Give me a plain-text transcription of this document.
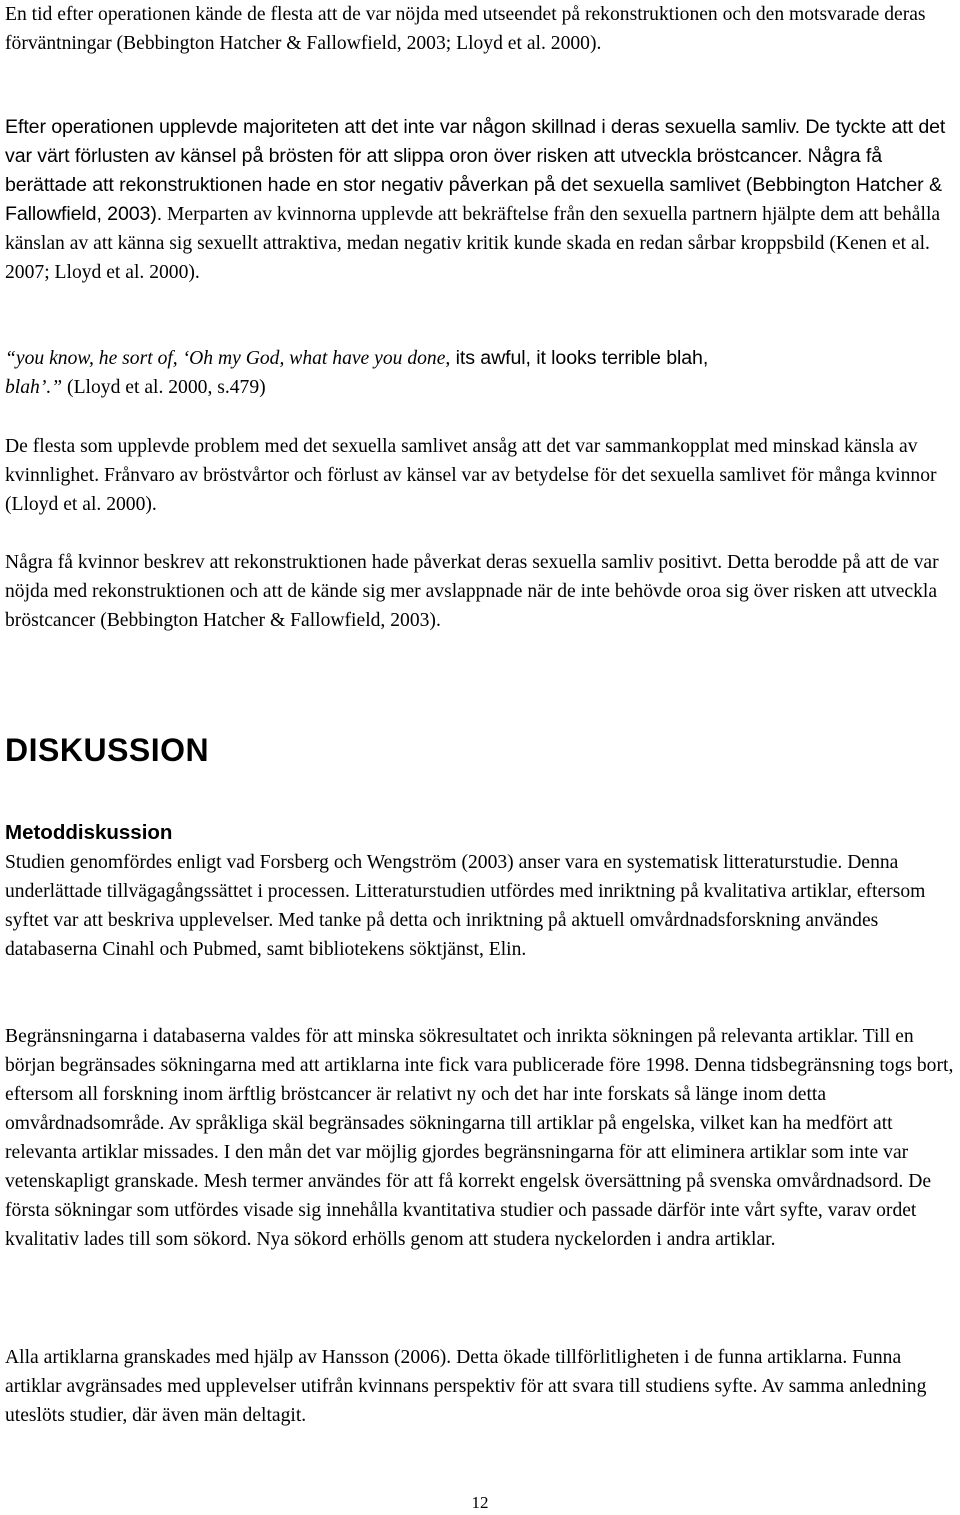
En tid efter operationen kände de flesta att de var nöjda med utseendet på rekonstruktionen och den motsvarade deras förväntningar (Bebbington Hatcher & Fallowfield, 2003; Lloyd et al. 2000).

Efter operationen upplevde majoriteten att det inte var någon skillnad i deras sexuella samliv. De tyckte att det var värt förlusten av känsel på brösten för att slippa oron över risken att utveckla bröstcancer. Några få berättade att rekonstruktionen hade en stor negativ påverkan på det sexuella samlivet (Bebbington Hatcher & Fallowfield, 2003). Merparten av kvinnorna upplevde att bekräftelse från den sexuella partnern hjälpte dem att behålla känslan av att känna sig sexuellt attraktiva, medan negativ kritik kunde skada en redan sårbar kroppsbild (Kenen et al. 2007; Lloyd et al. 2000).

“you know, he sort of, ‘Oh my God, what have you done, its awful, it looks terrible blah,
blah’.” (Lloyd et al. 2000, s.479)

De flesta som upplevde problem med det sexuella samlivet ansåg att det var sammankopplat med minskad känsla av kvinnlighet. Frånvaro av bröstvårtor och förlust av känsel var av betydelse för det sexuella samlivet för många kvinnor (Lloyd et al. 2000).

Några få kvinnor beskrev att rekonstruktionen hade påverkat deras sexuella samliv positivt. Detta berodde på att de var nöjda med rekonstruktionen och att de kände sig mer avslappnade när de inte behövde oroa sig över risken att utveckla bröstcancer (Bebbington Hatcher & Fallowfield, 2003).

DISKUSSION
Metoddiskussion

Studien genomfördes enligt vad Forsberg och Wengström (2003) anser vara en systematisk litteraturstudie. Denna underlättade tillvägagångssättet i processen. Litteraturstudien utfördes med inriktning på kvalitativa artiklar, eftersom syftet var att beskriva upplevelser. Med tanke på detta och inriktning på aktuell omvårdnadsforskning användes databaserna Cinahl och Pubmed, samt bibliotekens söktjänst, Elin.

Begränsningarna i databaserna valdes för att minska sökresultatet och inrikta sökningen på relevanta artiklar. Till en början begränsades sökningarna med att artiklarna inte fick vara publicerade före 1998. Denna tidsbegränsning togs bort, eftersom all forskning inom ärftlig bröstcancer är relativt ny och det har inte forskats så länge inom detta omvårdnadsområde. Av språkliga skäl begränsades sökningarna till artiklar på engelska, vilket kan ha medfört att relevanta artiklar missades. I den mån det var möjlig gjordes begränsningarna för att eliminera artiklar som inte var vetenskapligt granskade. Mesh termer användes för att få korrekt engelsk översättning på svenska omvårdnadsord. De första sökningar som utfördes visade sig innehålla kvantitativa studier och passade därför inte vårt syfte, varav ordet kvalitativ lades till som sökord. Nya sökord erhölls genom att studera nyckelorden i andra artiklar.

Alla artiklarna granskades med hjälp av Hansson (2006). Detta ökade tillförlitligheten i de funna artiklarna. Funna artiklar avgränsades med upplevelser utifrån kvinnans perspektiv för att svara till studiens syfte. Av samma anledning uteslöts studier, där även män deltagit.

12
